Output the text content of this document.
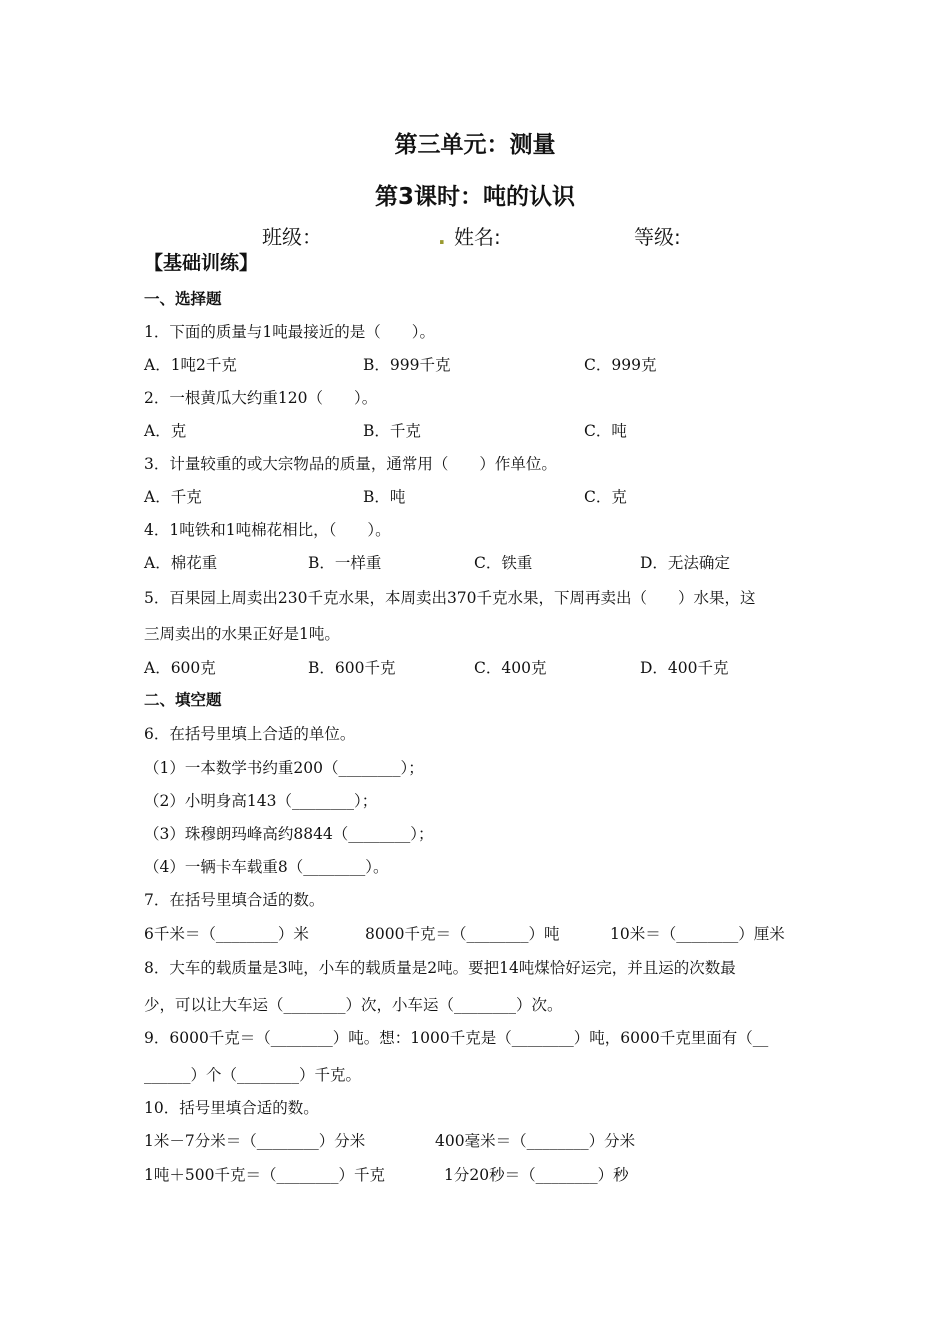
第三单元：测量
第3课时：吨的认识
班级：	. 姓名:	等级:
【基础训练】
一、选择题
1．下面的质量与1吨最接近的是（　　）。
A．1吨2千克	B．999千克	C．999克
2．一根黄瓜大约重120（　　）。
A．克	B．千克	C．吨
3．计量较重的或大宗物品的质量，通常用（　　）作单位。
A．千克	B．吨	C．克
4．1吨铁和1吨棉花相比，（　　）。
A．棉花重	B．一样重	C．铁重	D．无法确定
5．百果园上周卖出230千克水果，本周卖出370千克水果，下周再卖出（　　）水果，这
三周卖出的水果正好是1吨。
A．600克	B．600千克	C．400克	D．400千克
二、填空题
6．在括号里填上合适的单位。
（1）一本数学书约重200（________）；
（2）小明身高143（________）；
（3）珠穆朗玛峰高约8844（________）；
（4）一辆卡车载重8（________）。
7．在括号里填合适的数。
6千米＝（________）米	8000千克＝（________）吨	10米＝（________）厘米
8．大车的载质量是3吨，小车的载质量是2吨。要把14吨煤恰好运完，并且运的次数最
少，可以让大车运（________）次，小车运（________）次。
9．6000千克＝（________）吨。想：1000千克是（________）吨，6000千克里面有（__
______）个（________）千克。
10．括号里填合适的数。
1米－7分米＝（________）分米	400毫米＝（________）分米
1吨＋500千克＝（________）千克	1分20秒＝（________）秒
